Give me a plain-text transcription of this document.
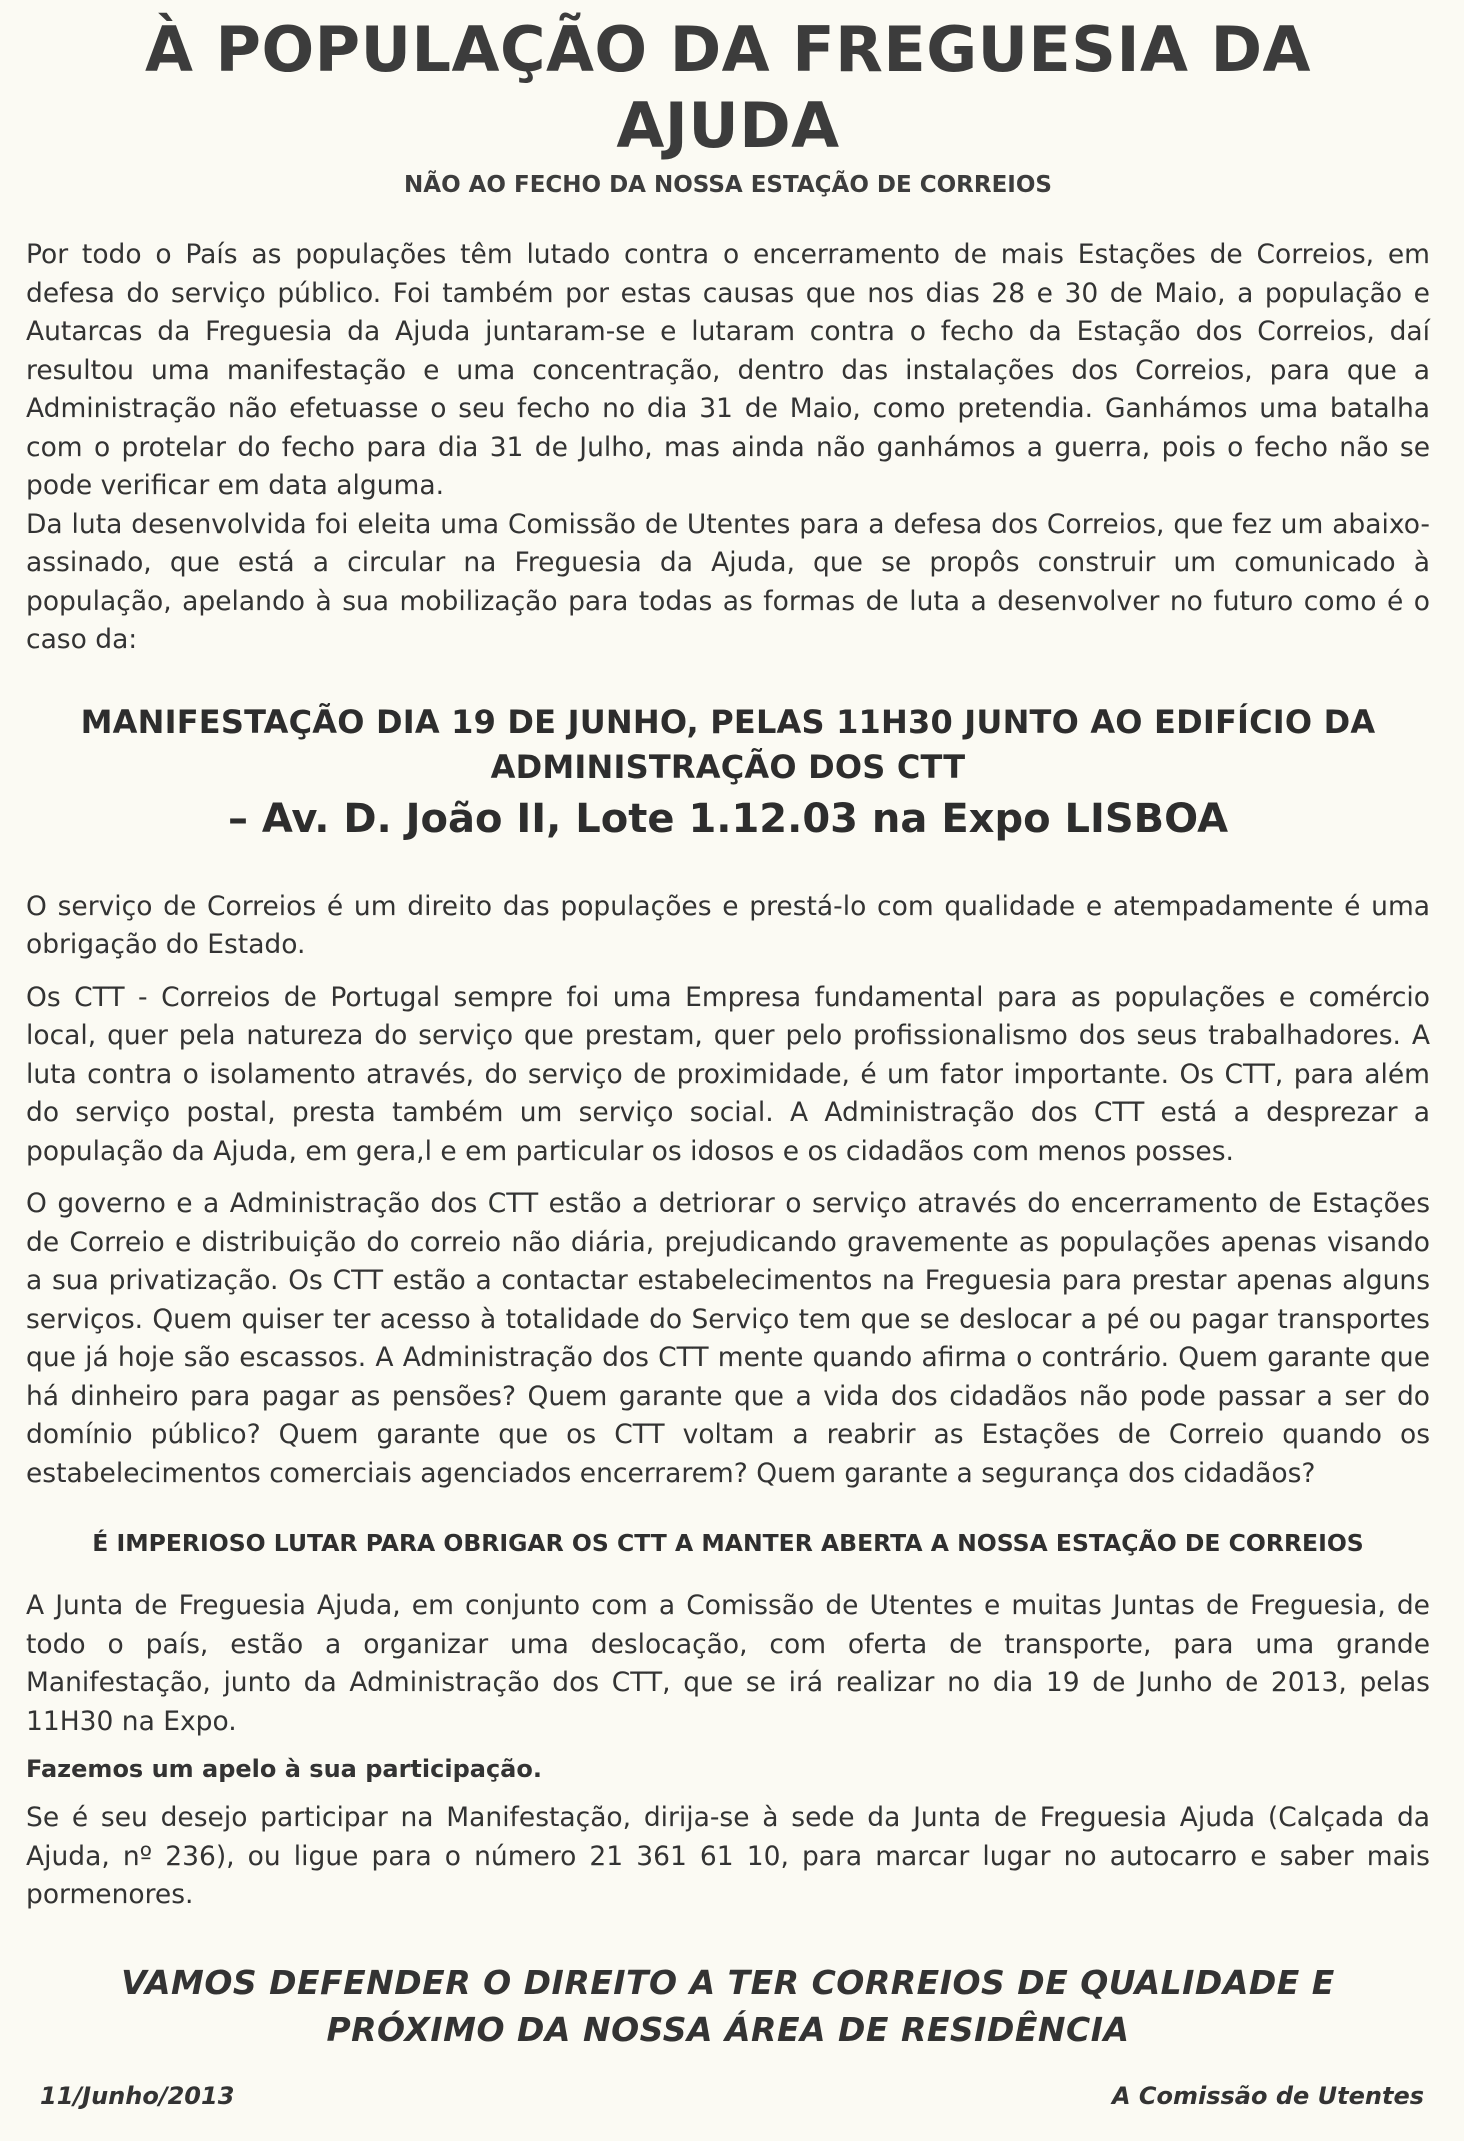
À POPULAÇÃO DA FREGUESIA DA AJUDA
NÃO AO FECHO DA NOSSA ESTAÇÃO DE CORREIOS

Por todo o País as populações têm lutado contra o encerramento de mais Estações de Correios, em defesa do serviço público. Foi também por estas causas que nos dias 28 e 30 de Maio, a população e Autarcas da Freguesia da Ajuda juntaram-se e lutaram contra o fecho da Estação dos Correios, daí resultou uma manifestação e uma concentração, dentro das instalações dos Correios, para que a Administração não efetuasse o seu fecho no dia 31 de Maio, como pretendia. Ganhámos uma batalha com o protelar do fecho para dia 31 de Julho, mas ainda não ganhámos a guerra, pois o fecho não se pode verificar em data alguma.

Da luta desenvolvida foi eleita uma Comissão de Utentes para a defesa dos Correios, que fez um abaixo-assinado, que está a circular na Freguesia da Ajuda, que se propôs construir um comunicado à população, apelando à sua mobilização para todas as formas de luta a desenvolver no futuro como é o caso da:

MANIFESTAÇÃO DIA 19 DE JUNHO, PELAS 11H30 JUNTO AO EDIFÍCIO DA ADMINISTRAÇÃO DOS CTT
– Av. D. João II, Lote 1.12.03 na Expo LISBOA

O serviço de Correios é um direito das populações e prestá-lo com qualidade e atempadamente é uma obrigação do Estado.

Os CTT - Correios de Portugal sempre foi uma Empresa fundamental para as populações e comércio local, quer pela natureza do serviço que prestam, quer pelo profissionalismo dos seus trabalhadores. A luta contra o isolamento através, do serviço de proximidade, é um fator importante. Os CTT, para além do serviço postal, presta também um serviço social. A Administração dos CTT está a desprezar a população da Ajuda, em gera,l e em particular os idosos e os cidadãos com menos posses.

O governo e a Administração dos CTT estão a detriorar o serviço através do encerramento de Estações de Correio e distribuição do correio não diária, prejudicando gravemente as populações apenas visando a sua privatização. Os CTT estão a contactar estabelecimentos na Freguesia para prestar apenas alguns serviços. Quem quiser ter acesso à totalidade do Serviço tem que se deslocar a pé ou pagar transportes que já hoje são escassos. A Administração dos CTT mente quando afirma o contrário. Quem garante que há dinheiro para pagar as pensões? Quem garante que a vida dos cidadãos não pode passar a ser do domínio público? Quem garante que os CTT voltam a reabrir as Estações de Correio quando os estabelecimentos comerciais agenciados encerrarem? Quem garante a segurança dos cidadãos?

É IMPERIOSO LUTAR PARA OBRIGAR OS CTT A MANTER ABERTA A NOSSA ESTAÇÃO DE CORREIOS

A Junta de Freguesia Ajuda, em conjunto com a Comissão de Utentes e muitas Juntas de Freguesia, de todo o país, estão a organizar uma deslocação, com oferta de transporte, para uma grande Manifestação, junto da Administração dos CTT, que se irá realizar no dia 19 de Junho de 2013, pelas 11H30 na Expo.

Fazemos um apelo à sua participação.

Se é seu desejo participar na Manifestação, dirija-se à sede da Junta de Freguesia Ajuda (Calçada da Ajuda, nº 236), ou ligue para o número 21 361 61 10, para marcar lugar no autocarro e saber mais pormenores.

VAMOS DEFENDER O DIREITO A TER CORREIOS DE QUALIDADE E PRÓXIMO DA NOSSA ÁREA DE RESIDÊNCIA
11/Junho/2013	A Comissão de Utentes
